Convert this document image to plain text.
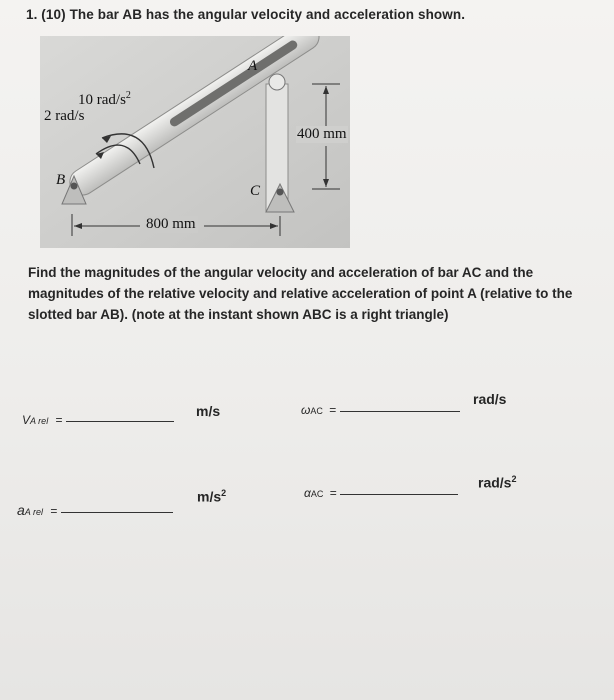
1. (10) The bar AB has the angular velocity and acceleration shown.
A
B
C
10 rad/$s^2$
2 rad/s
400 mm
800 mm
Find the magnitudes of the angular velocity and acceleration of bar AC and the magnitudes of the relative velocity and relative acceleration of point A (relative to the slotted bar AB). (note at the instant shown ABC is a right triangle)
VA rel =
m/s	ωAC =
rad/s
aA rel =
$m/s^2$	αAC =
rad/$s^2$
